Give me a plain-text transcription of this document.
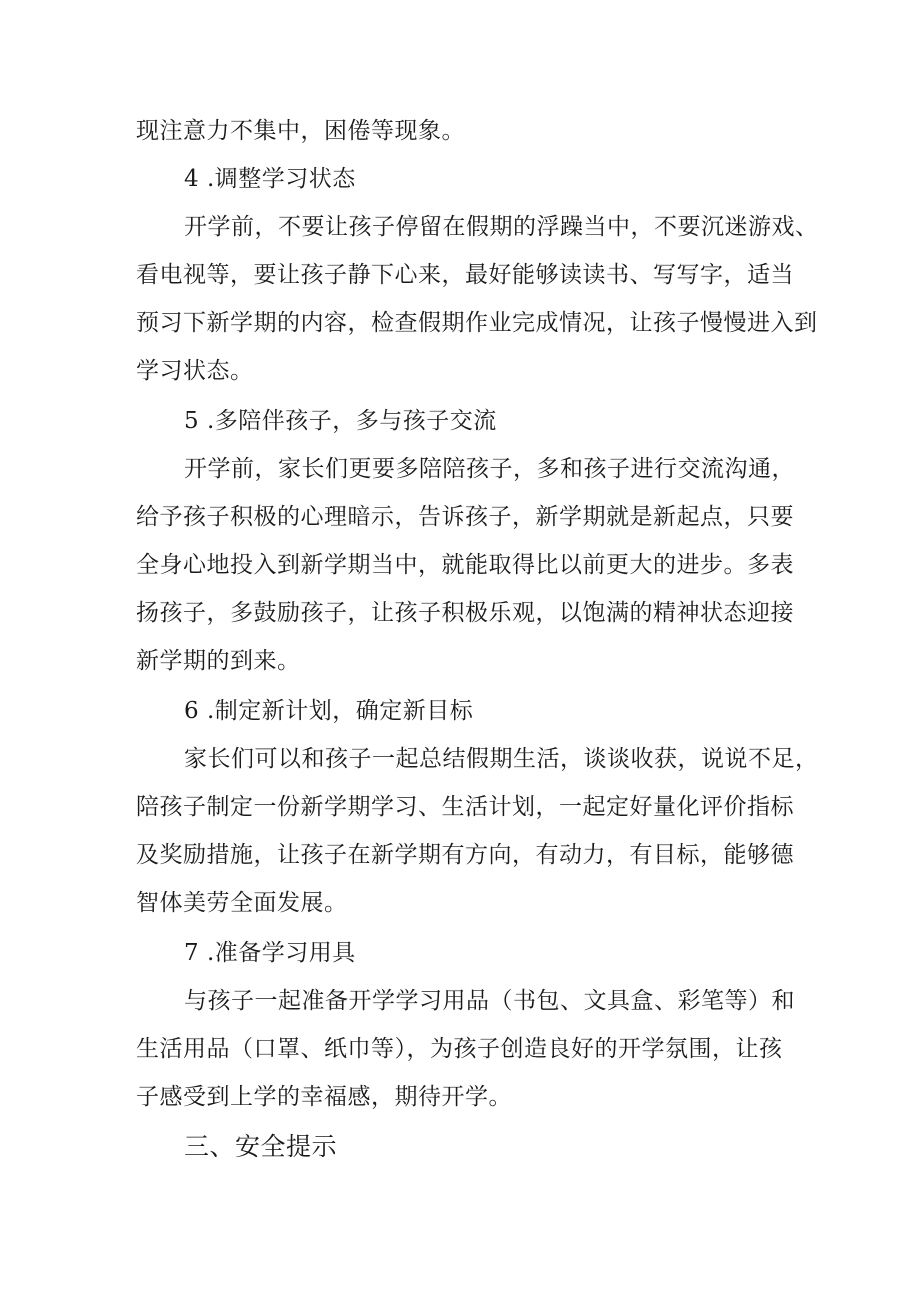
现注意力不集中，困倦等现象。
4 .调整学习状态
开学前，不要让孩子停留在假期的浮躁当中，不要沉迷游戏、
看电视等，要让孩子静下心来，最好能够读读书、写写字，适当
预习下新学期的内容，检查假期作业完成情况，让孩子慢慢进入到
学习状态。
5 .多陪伴孩子，多与孩子交流
开学前，家长们更要多陪陪孩子，多和孩子进行交流沟通，
给予孩子积极的心理暗示，告诉孩子，新学期就是新起点，只要
全身心地投入到新学期当中，就能取得比以前更大的进步。多表
扬孩子，多鼓励孩子，让孩子积极乐观，以饱满的精神状态迎接
新学期的到来。
6 .制定新计划，确定新目标
家长们可以和孩子一起总结假期生活，谈谈收获，说说不足，
陪孩子制定一份新学期学习、生活计划，一起定好量化评价指标
及奖励措施，让孩子在新学期有方向，有动力，有目标，能够德
智体美劳全面发展。
7 .准备学习用具
与孩子一起准备开学学习用品（书包、文具盒、彩笔等）和
生活用品（口罩、纸巾等），为孩子创造良好的开学氛围，让孩
子感受到上学的幸福感，期待开学。
三、安全提示
